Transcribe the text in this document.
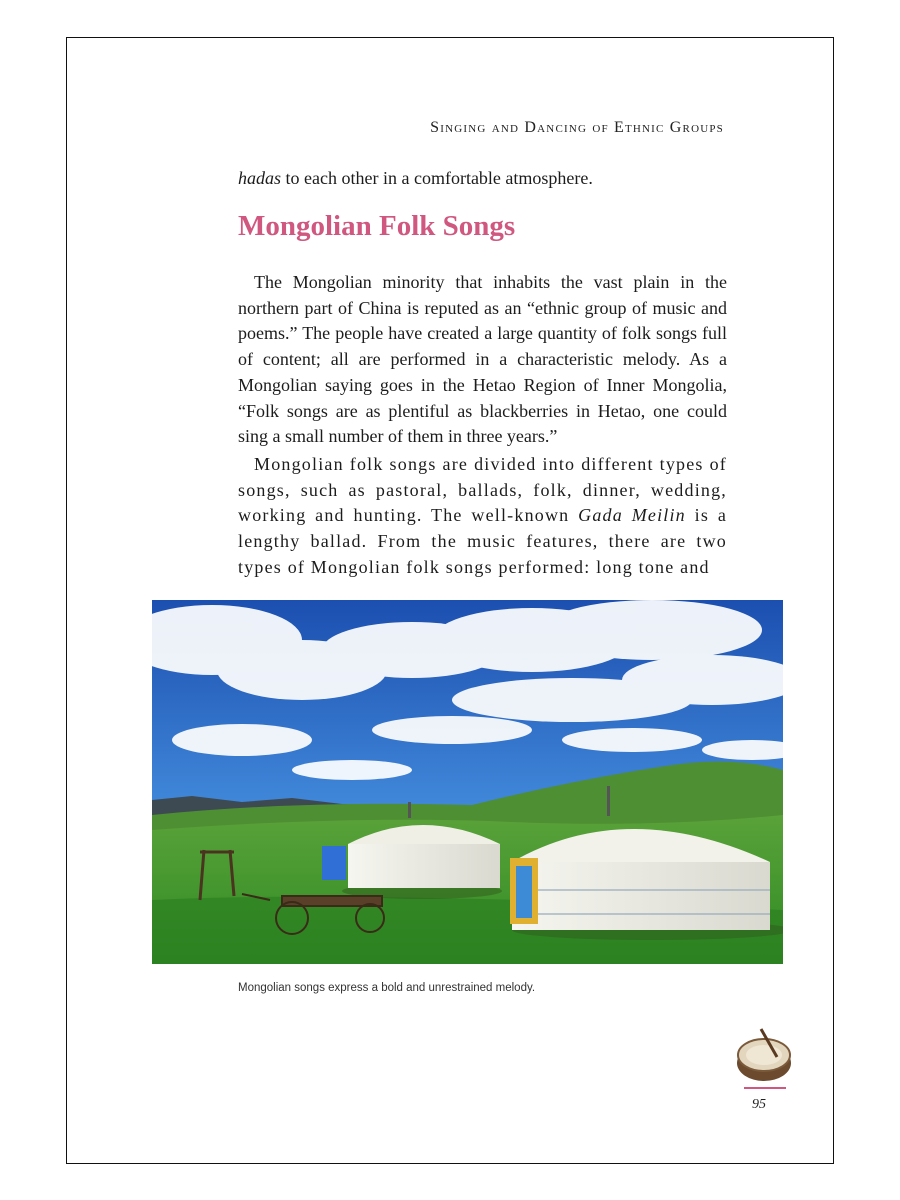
Singing and Dancing of Ethnic Groups
hadas to each other in a comfortable atmosphere.
Mongolian Folk Songs

The Mongolian minority that inhabits the vast plain in the northern part of China is reputed as an “ethnic group of music and poems.” The people have created a large quantity of folk songs full of content; all are performed in a characteristic melody. As a Mongolian saying goes in the Hetao Region of Inner Mongolia, “Folk songs are as plentiful as blackberries in Hetao, one could sing a small number of them in three years.”

Mongolian folk songs are divided into different types of songs, such as pastoral, ballads, folk, dinner, wedding, working and hunting. The well-known Gada Meilin is a lengthy ballad. From the music features, there are two types of Mongolian folk songs performed: long tone and

Mongolian songs express a bold and unrestrained melody.
95
